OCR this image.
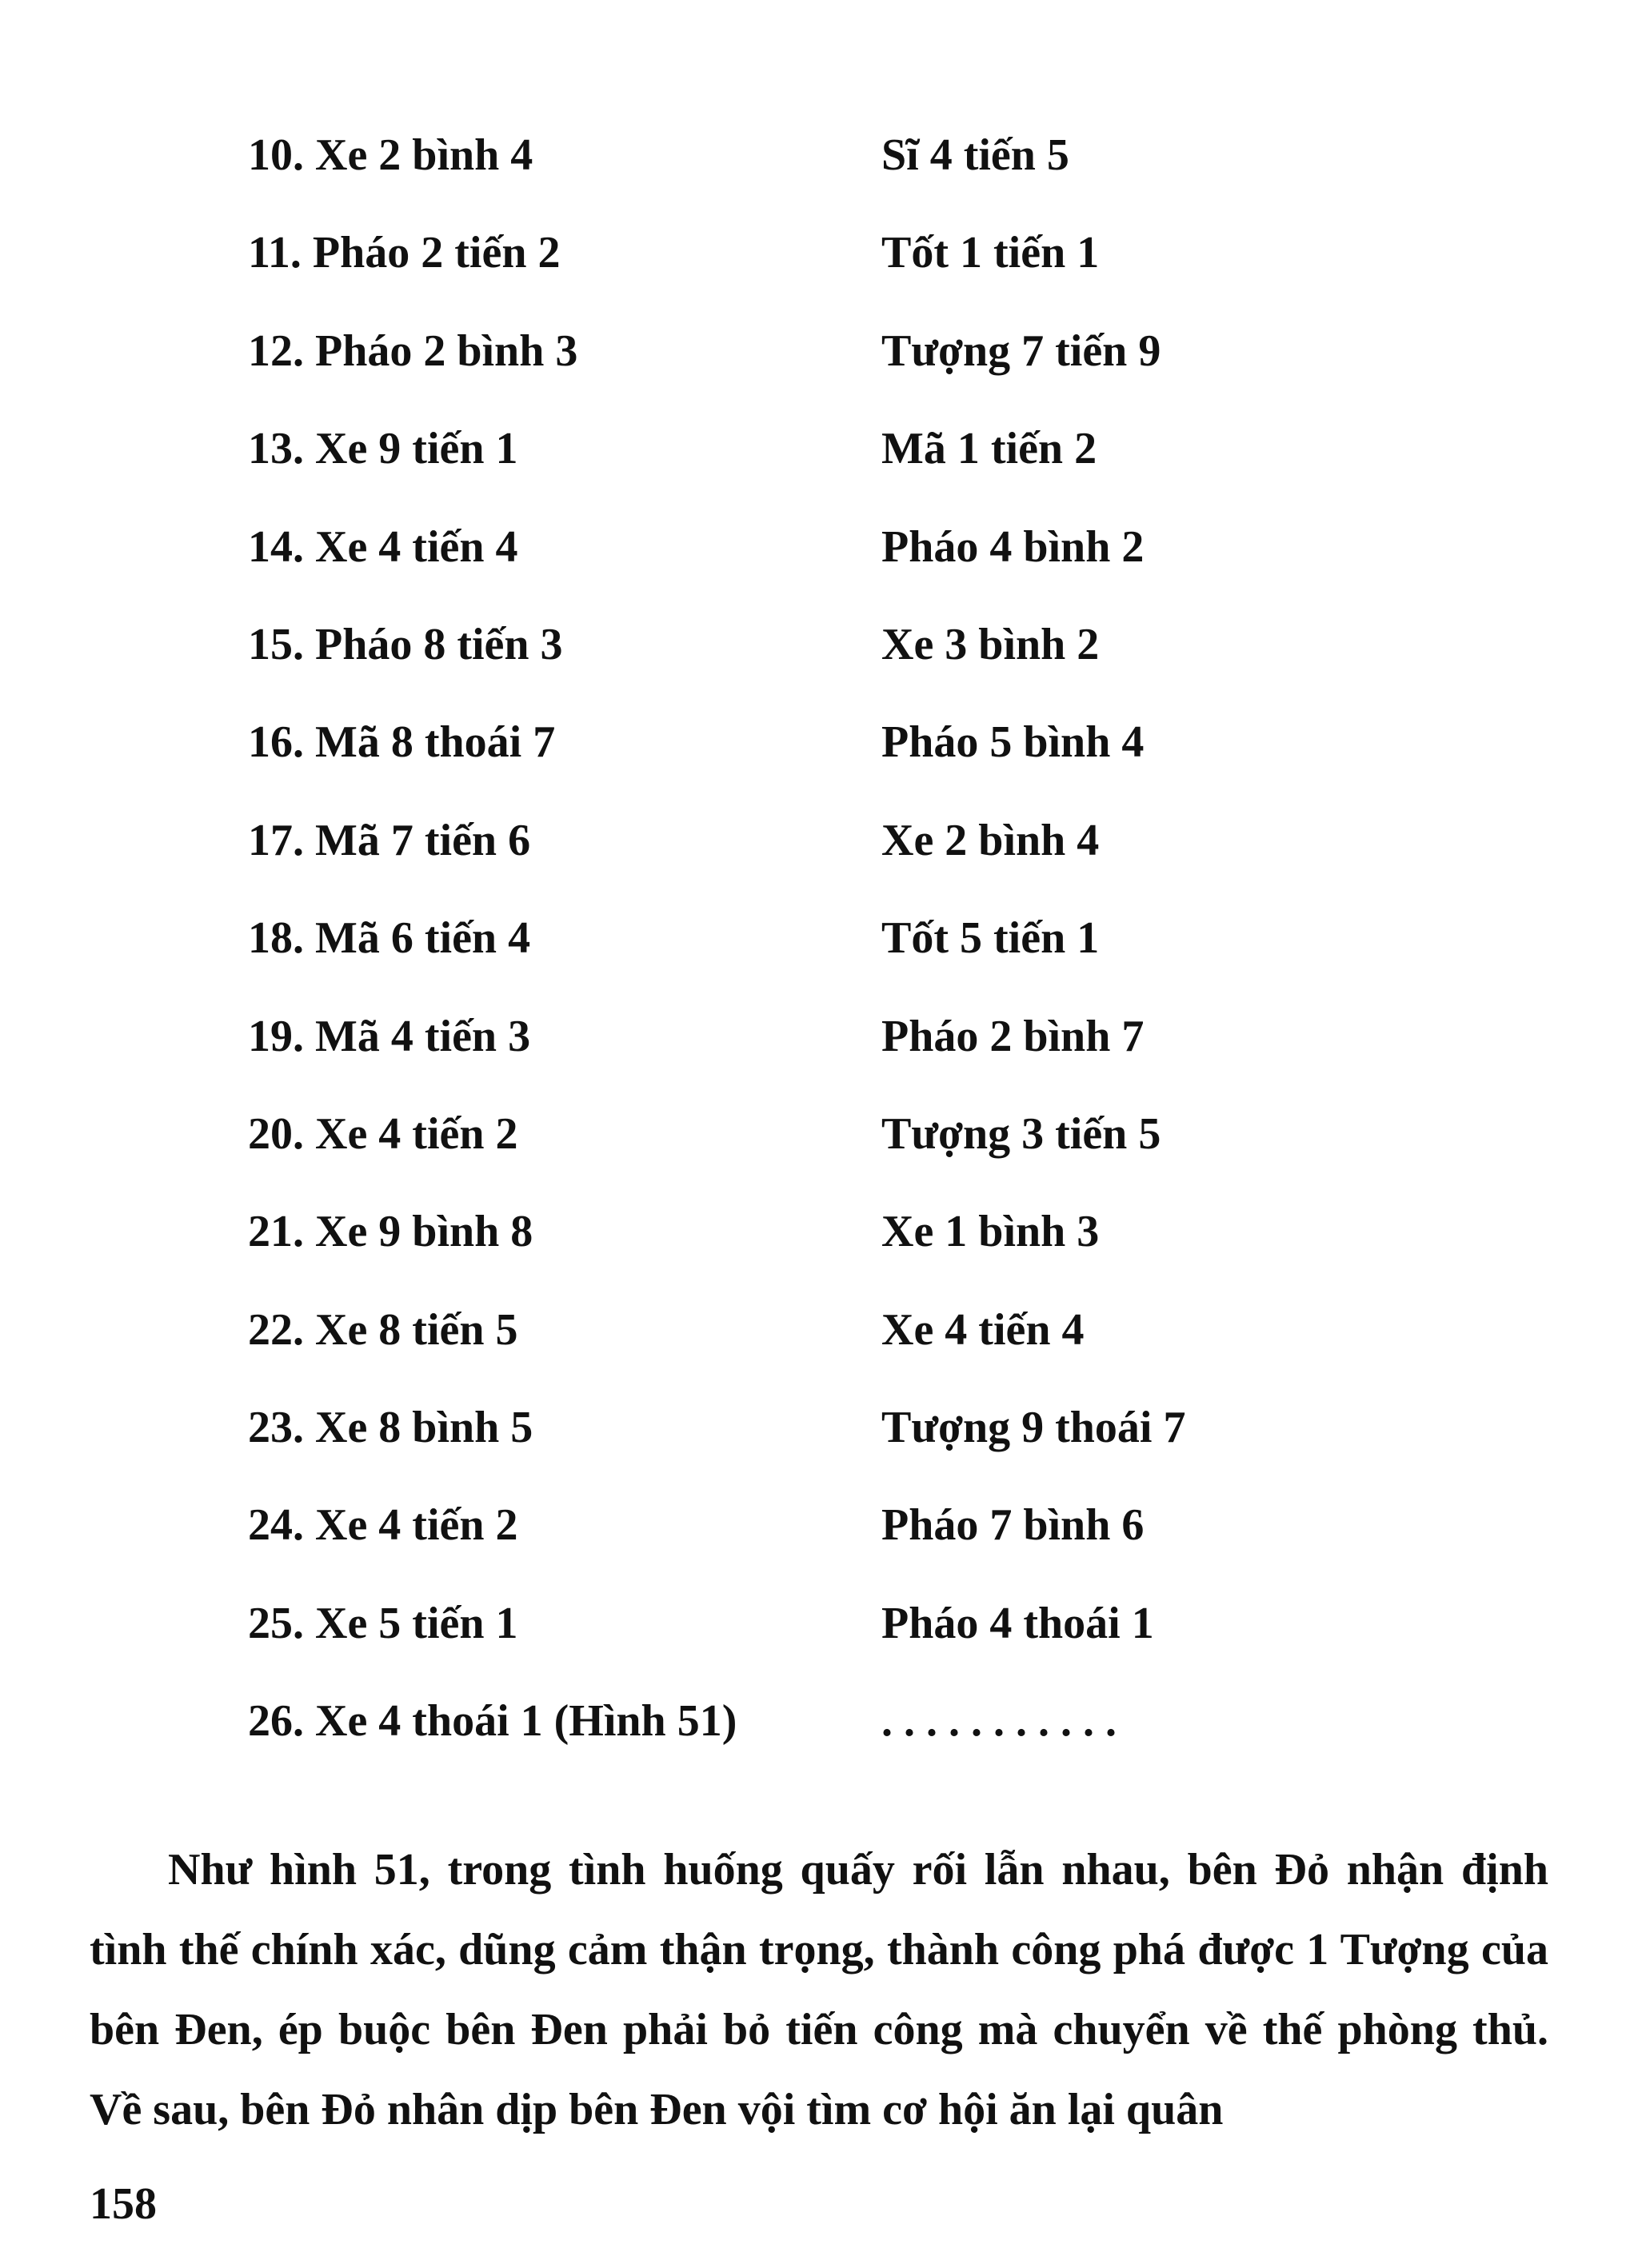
10. Xe 2 bình 4	Sĩ 4 tiến 5
11. Pháo 2 tiến 2	Tốt 1 tiến 1
12. Pháo 2 bình 3	Tượng 7 tiến 9
13. Xe 9 tiến 1	Mã 1 tiến 2
14. Xe 4 tiến 4	Pháo 4 bình 2
15. Pháo 8 tiến 3	Xe 3 bình 2
16. Mã 8 thoái 7	Pháo 5 bình 4
17. Mã 7 tiến 6	Xe 2 bình 4
18. Mã 6 tiến 4	Tốt 5 tiến 1
19. Mã 4 tiến 3	Pháo 2 bình 7
20. Xe 4 tiến 2	Tượng 3 tiến 5
21. Xe 9 bình 8	Xe 1 bình 3
22. Xe 8 tiến 5	Xe 4 tiến 4
23. Xe 8 bình 5	Tượng 9 thoái 7
24. Xe 4 tiến 2	Pháo 7 bình 6
25. Xe 5 tiến 1	Pháo 4 thoái 1
26. Xe 4 thoái 1 (Hình 51)	...........

Như hình 51, trong tình huống quấy rối lẫn nhau, bên Đỏ nhận định tình thế chính xác, dũng cảm thận trọng, thành công phá được 1 Tượng của bên Đen, ép buộc bên Đen phải bỏ tiến công mà chuyển về thế phòng thủ. Về sau, bên Đỏ nhân dịp bên Đen vội tìm cơ hội ăn lại quân

158
